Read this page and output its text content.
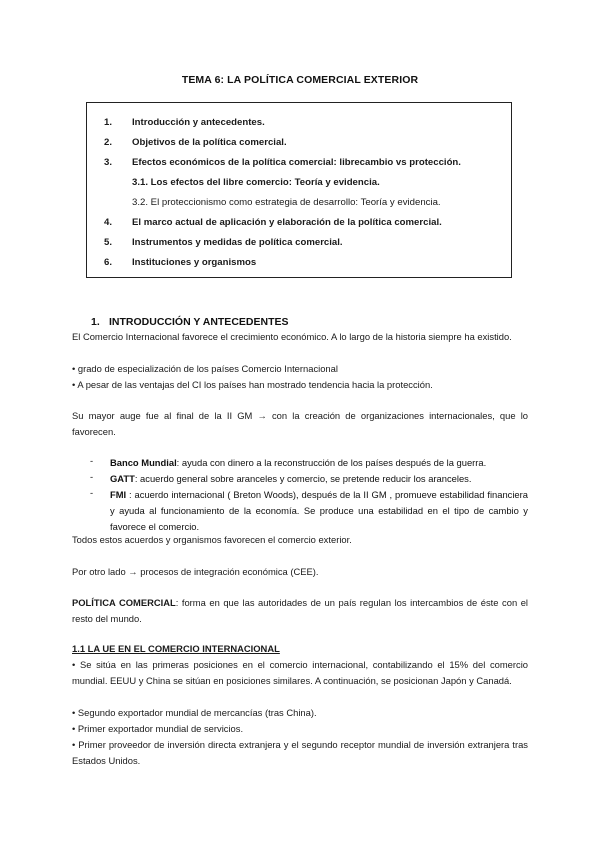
TEMA 6: LA POLÍTICA COMERCIAL EXTERIOR
1. Introducción y antecedentes.
2. Objetivos de la política comercial.
3. Efectos económicos de la política comercial: librecambio vs protección.
3.1. Los efectos del libre comercio: Teoría y evidencia.
3.2. El proteccionismo como estrategia de desarrollo: Teoría y evidencia.
4. El marco actual de aplicación y elaboración de la política comercial.
5. Instrumentos y medidas de política comercial.
6. Instituciones y organismos
1. INTRODUCCIÓN Y ANTECEDENTES
El Comercio Internacional favorece el crecimiento económico. A lo largo de la historia siempre ha existido.
• grado de especialización de los países Comercio Internacional
• A pesar de las ventajas del CI los países han mostrado tendencia hacia la protección.
Su mayor auge fue al final de la II GM → con la creación de organizaciones internacionales, que lo favorecen.
- Banco Mundial: ayuda con dinero a la reconstrucción de los países después de la guerra.
- GATT: acuerdo general sobre aranceles y comercio, se pretende reducir los aranceles.
- FMI : acuerdo internacional ( Breton Woods), después de la II GM , promueve estabilidad financiera y ayuda al funcionamiento de la economía. Se produce una estabilidad en el tipo de cambio y favorece el comercio.
Todos estos acuerdos y organismos favorecen el comercio exterior.
Por otro lado → procesos de integración económica (CEE).
POLÍTICA COMERCIAL: forma en que las autoridades de un país regulan los intercambios de éste con el resto del mundo.
1.1 LA UE EN EL COMERCIO INTERNACIONAL
• Se sitúa en las primeras posiciones en el comercio internacional, contabilizando el 15% del comercio mundial. EEUU y China se sitúan en posiciones similares. A continuación, se posicionan Japón y Canadá.
• Segundo exportador mundial de mercancías (tras China).
• Primer exportador mundial de servicios.
• Primer proveedor de inversión directa extranjera y el segundo receptor mundial de inversión extranjera tras Estados Unidos.
